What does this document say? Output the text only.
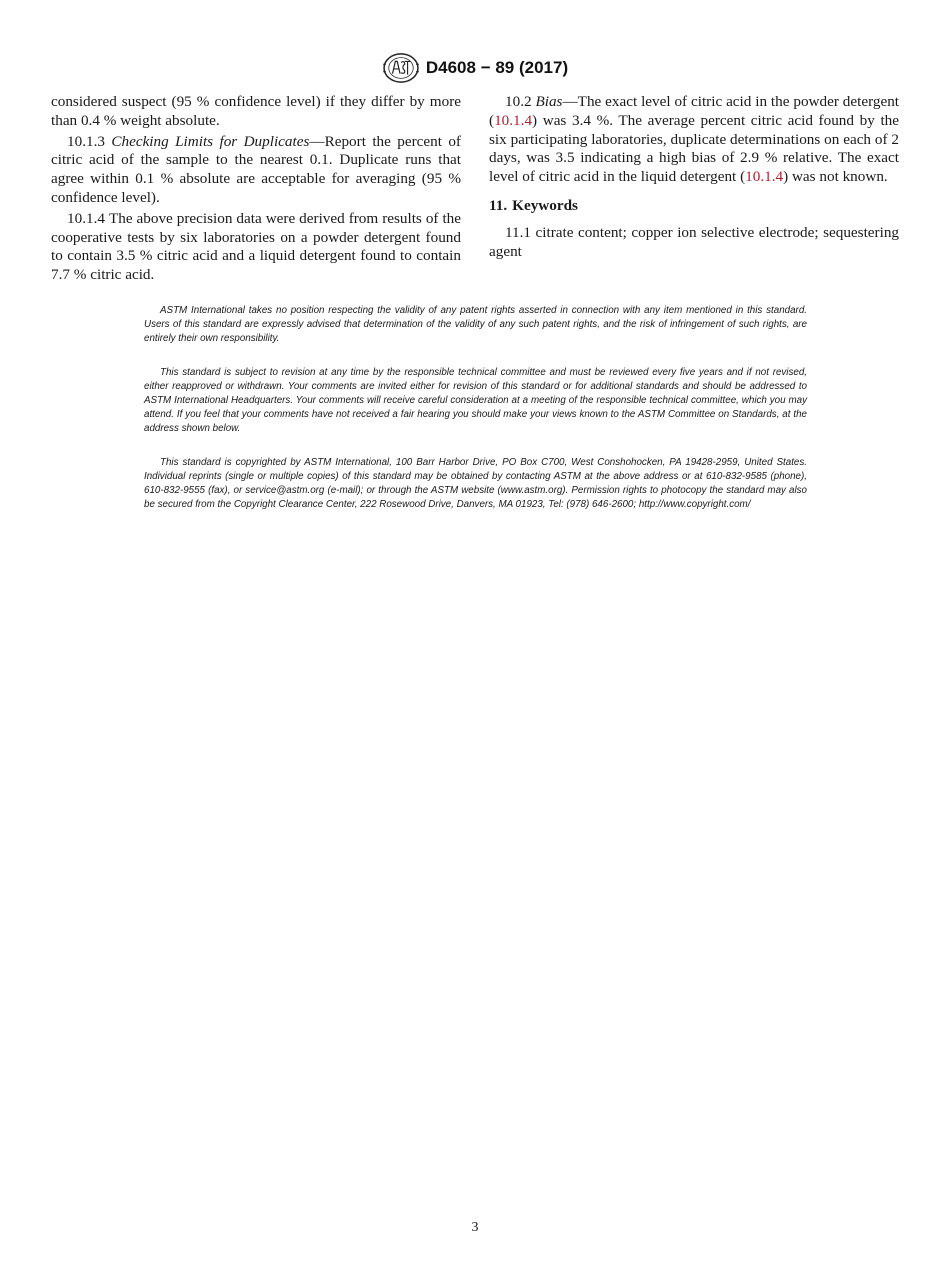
D4608 − 89 (2017)

considered suspect (95 % confidence level) if they differ by more than 0.4 % weight absolute.

10.1.3 Checking Limits for Duplicates—Report the percent of citric acid of the sample to the nearest 0.1. Duplicate runs that agree within 0.1 % absolute are acceptable for averaging (95 % confidence level).

10.1.4 The above precision data were derived from results of the cooperative tests by six laboratories on a powder detergent found to contain 3.5 % citric acid and a liquid detergent found to contain 7.7 % citric acid.

10.2 Bias—The exact level of citric acid in the powder detergent (10.1.4) was 3.4 %. The average percent citric acid found by the six participating laboratories, duplicate determinations on each of 2 days, was 3.5 indicating a high bias of 2.9 % relative. The exact level of citric acid in the liquid detergent (10.1.4) was not known.

11. Keywords

11.1 citrate content; copper ion selective electrode; sequestering agent

ASTM International takes no position respecting the validity of any patent rights asserted in connection with any item mentioned in this standard. Users of this standard are expressly advised that determination of the validity of any such patent rights, and the risk of infringement of such rights, are entirely their own responsibility.

This standard is subject to revision at any time by the responsible technical committee and must be reviewed every five years and if not revised, either reapproved or withdrawn. Your comments are invited either for revision of this standard or for additional standards and should be addressed to ASTM International Headquarters. Your comments will receive careful consideration at a meeting of the responsible technical committee, which you may attend. If you feel that your comments have not received a fair hearing you should make your views known to the ASTM Committee on Standards, at the address shown below.

This standard is copyrighted by ASTM International, 100 Barr Harbor Drive, PO Box C700, West Conshohocken, PA 19428-2959, United States. Individual reprints (single or multiple copies) of this standard may be obtained by contacting ASTM at the above address or at 610-832-9585 (phone), 610-832-9555 (fax), or service@astm.org (e-mail); or through the ASTM website (www.astm.org). Permission rights to photocopy the standard may also be secured from the Copyright Clearance Center, 222 Rosewood Drive, Danvers, MA 01923, Tel: (978) 646-2600; http://www.copyright.com/

3
